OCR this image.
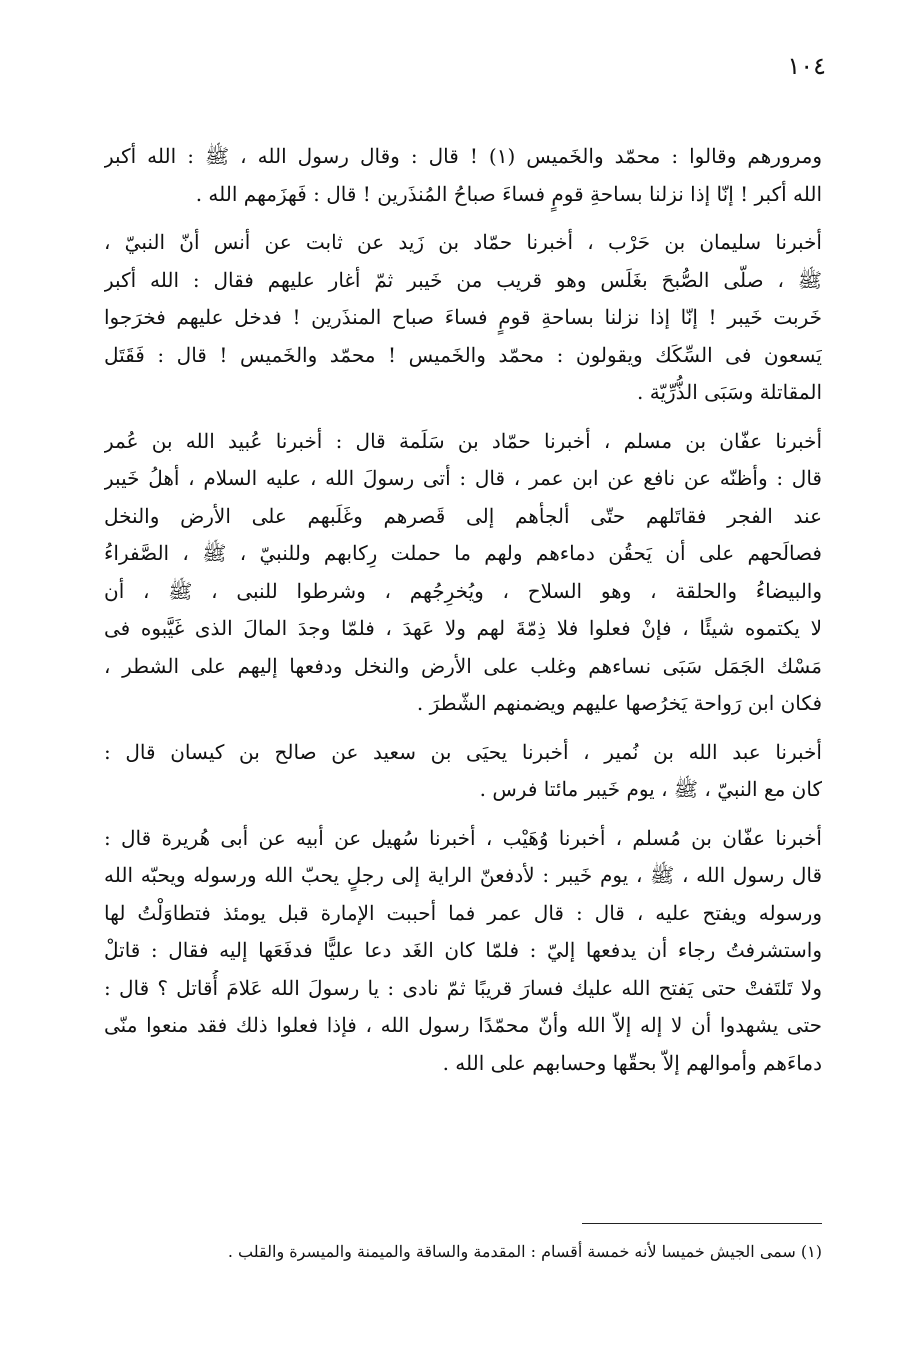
١٠٤
ومرورهم وقالوا : محمّد والخَميس (١) ! قال : وقال رسول الله ، ﷺ : الله أكبر
الله أكبر ! إنّا إذا نزلنا بساحةِ قومٍ فساءَ صباحُ المُنذَرين ! قال : فَهزَمهم الله .
أخبرنا سليمان بن حَرْب ، أخبرنا حمّاد بن زَيد عن ثابت عن أنس أنّ النبيّ ،
ﷺ ، صلّى الصُّبحَ بغَلَس وهو قريب من خَيبر ثمّ أغار عليهم فقال : الله أكبر
خَربت خَيبر ! إنّا إذا نزلنا بساحةِ قومٍ فساءَ صباح المنذَرين ! فدخل عليهم فخرَجوا
يَسعون فى السِّكَك ويقولون : محمّد والخَميس ! محمّد والخَميس ! قال : فَقَتَل
المقاتلة وسَبَى الذُّرِّيّة .
أخبرنا عفّان بن مسلم ، أخبرنا حمّاد بن سَلَمة قال : أخبرنا عُبيد الله بن عُمر
قال : وأظنّه عن نافع عن ابن عمر ، قال : أتى رسولَ الله ، عليه السلام ، أهلُ خَيبر
عند الفجر فقاتَلهم حتّى ألجأهم إلى قَصرهم وغَلَبهم على الأرض والنخل
فصالَحهم على أن يَحقُن دماءهم ولهم ما حملت رِكابهم وللنبيّ ، ﷺ ، الصَّفراءُ
والبيضاءُ والحلقة ، وهو السلاح ، ويُخرِجُهم ، وشرطوا للنبى ، ﷺ ، أن
لا يكتموه شيئًا ، فإنْ فعلوا فلا ذِمّةَ لهم ولا عَهدَ ، فلمّا وجدَ المالَ الذى غَيَّبوه فى
مَسْك الجَمَل سَبَى نساءهم وغلب على الأرض والنخل ودفعها إليهم على الشطر ،
فكان ابن رَواحة يَخرُصها عليهم ويضمنهم الشّطرَ .
أخبرنا عبد الله بن نُمير ، أخبرنا يحيَى بن سعيد عن صالح بن كيسان قال :
كان مع النبيّ ، ﷺ ، يوم خَيبر مائتا فرس .
أخبرنا عفّان بن مُسلم ، أخبرنا وُهَيْب ، أخبرنا سُهيل عن أبيه عن أبى هُريرة قال :
قال رسول الله ، ﷺ ، يوم خَيبر : لأدفعنّ الراية إلى رجلٍ يحبّ الله ورسوله ويحبّه الله
ورسوله ويفتح عليه ، قال : قال عمر فما أحببت الإمارة قبل يومئذ فتطاوَلْتُ لها
واستشرفتُ رجاء أن يدفعها إليّ : فلمّا كان الغَد دعا عليًّا فدفَعَها إليه فقال : قاتلْ
ولا تَلتَفتْ حتى يَفتح الله عليك فسارَ قريبًا ثمّ نادى : يا رسولَ الله عَلامَ أُقاتل ؟ قال :
حتى يشهدوا أن لا إله إلاّ الله وأنّ محمّدًا رسول الله ، فإذا فعلوا ذلك فقد منعوا منّى
دماءَهم وأموالهم إلاّ بحقّها وحسابهم على الله .
(١) سمى الجيش خميسا لأنه خمسة أقسام : المقدمة والساقة والميمنة والميسرة والقلب .
